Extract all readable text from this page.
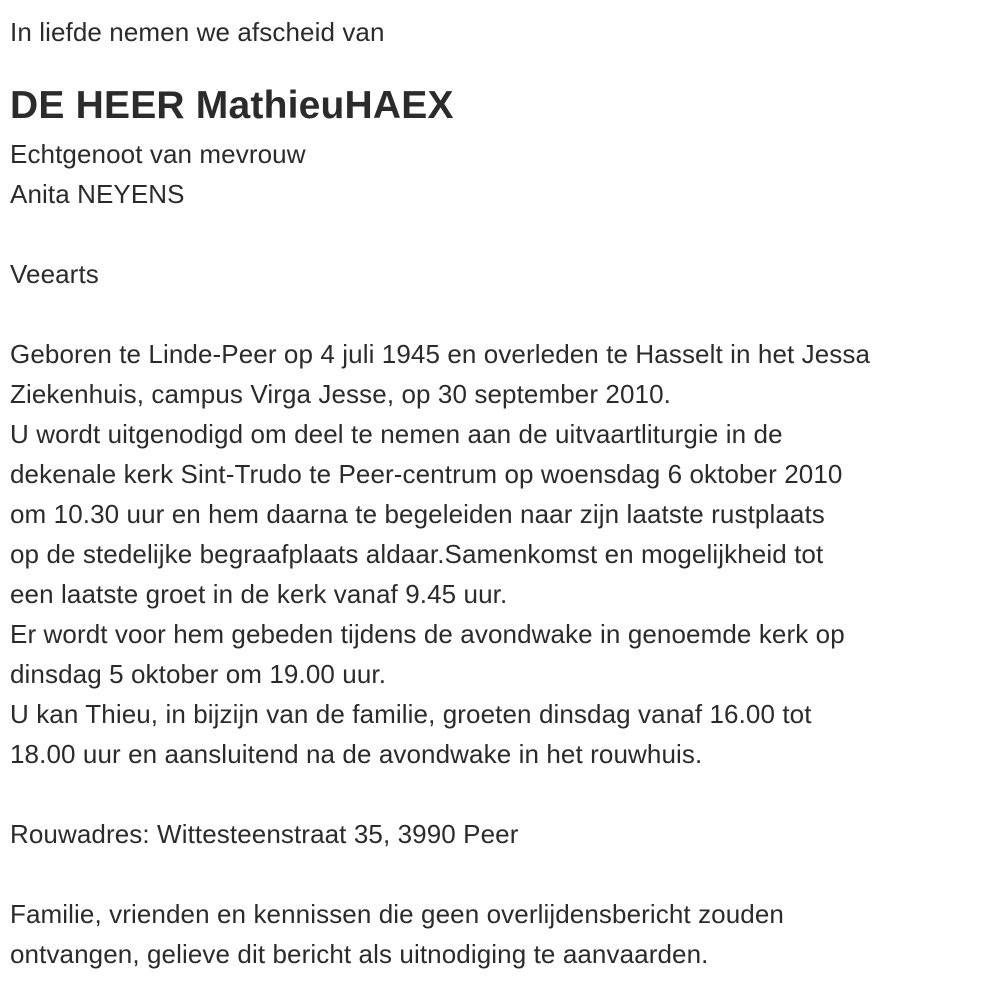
In liefde nemen we afscheid van
DE HEER MathieuHAEX
Echtgenoot van mevrouw
Anita NEYENS
Veearts
Geboren te Linde-Peer op 4 juli 1945 en overleden te Hasselt in het Jessa
Ziekenhuis, campus Virga Jesse, op 30 september 2010.
U wordt uitgenodigd om deel te nemen aan de uitvaartliturgie in de
dekenale kerk Sint-Trudo te Peer-centrum op woensdag 6 oktober 2010
om 10.30 uur en hem daarna te begeleiden naar zijn laatste rustplaats
op de stedelijke begraafplaats aldaar.Samenkomst en mogelijkheid tot
een laatste groet in de kerk vanaf 9.45 uur.
Er wordt voor hem gebeden tijdens de avondwake in genoemde kerk op
dinsdag 5 oktober om 19.00 uur.
U kan Thieu, in bijzijn van de familie, groeten dinsdag vanaf 16.00 tot
18.00 uur en aansluitend na de avondwake in het rouwhuis.
Rouwadres: Wittesteenstraat 35, 3990 Peer
Familie, vrienden en kennissen die geen overlijdensbericht zouden
ontvangen, gelieve dit bericht als uitnodiging te aanvaarden.
